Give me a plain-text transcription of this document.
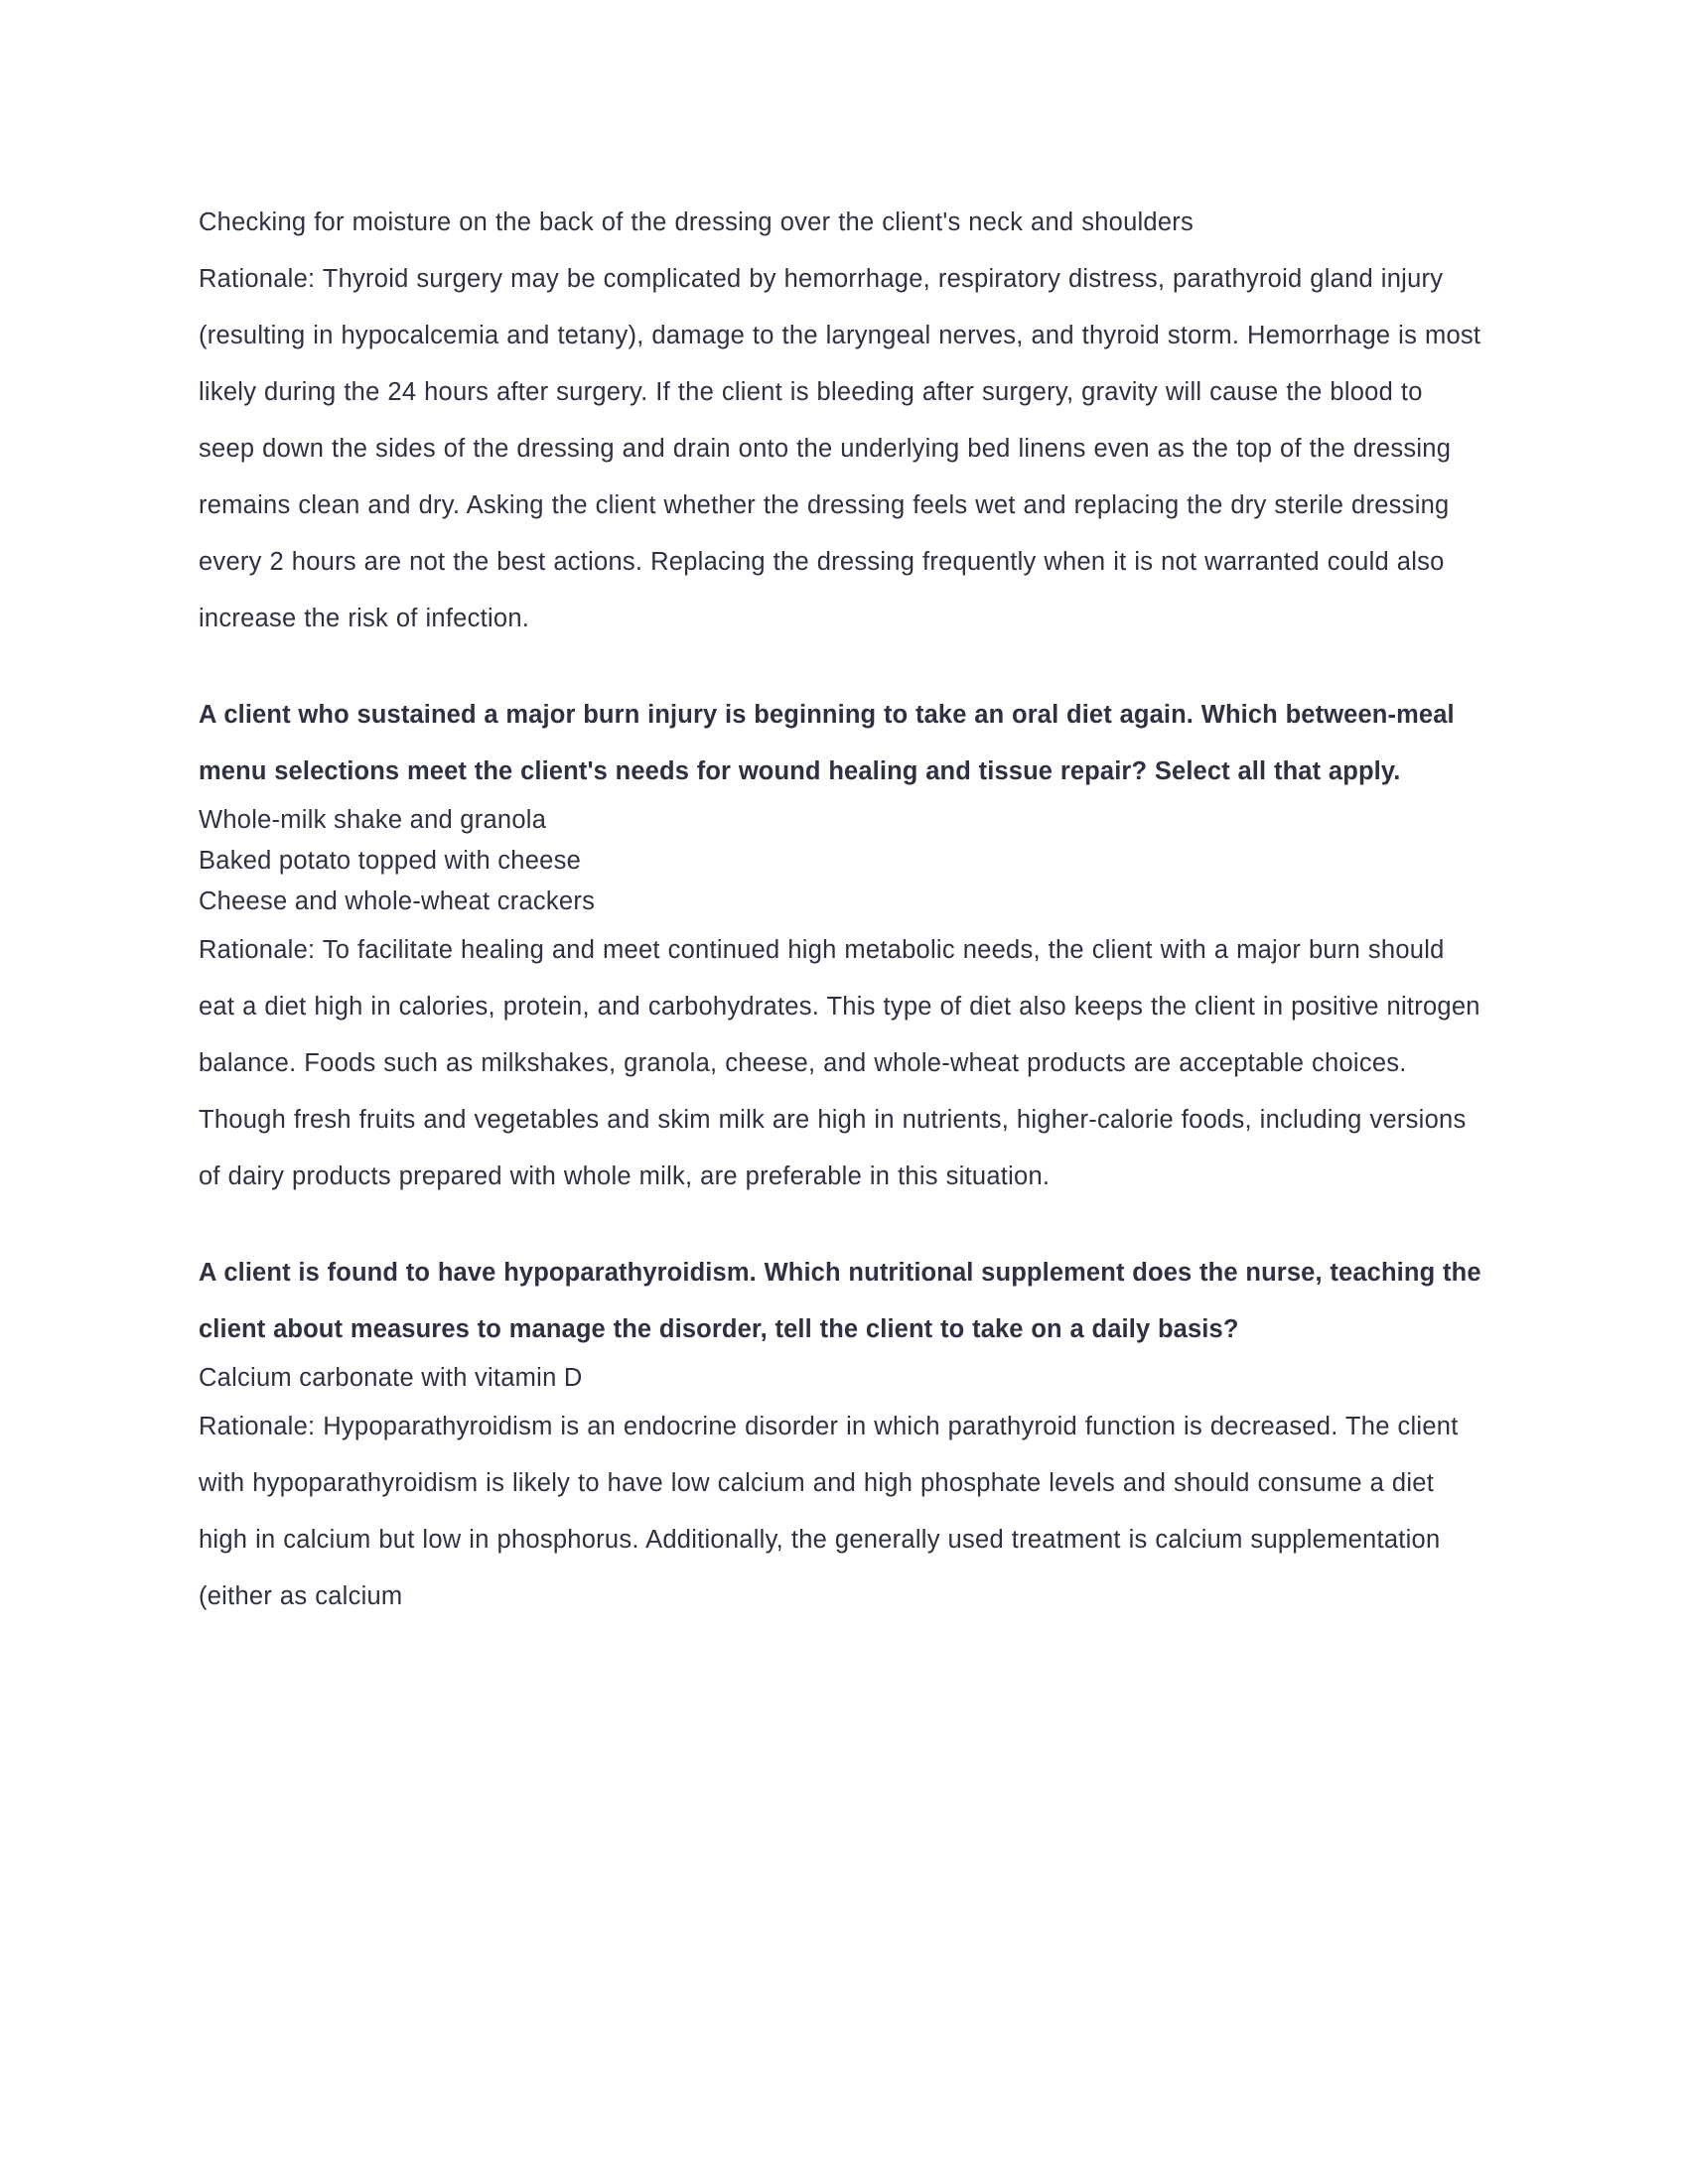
Checking for moisture on the back of the dressing over the client's neck and shoulders

Rationale: Thyroid surgery may be complicated by hemorrhage, respiratory distress, parathyroid gland injury (resulting in hypocalcemia and tetany), damage to the laryngeal nerves, and thyroid storm. Hemorrhage is most likely during the 24 hours after surgery. If the client is bleeding after surgery, gravity will cause the blood to seep down the sides of the dressing and drain onto the underlying bed linens even as the top of the dressing remains clean and dry. Asking the client whether the dressing feels wet and replacing the dry sterile dressing every 2 hours are not the best actions. Replacing the dressing frequently when it is not warranted could also increase the risk of infection.

A client who sustained a major burn injury is beginning to take an oral diet again. Which between-meal menu selections meet the client's needs for wound healing and tissue repair? Select all that apply.

Whole-milk shake and granola
Baked potato topped with cheese
Cheese and whole-wheat crackers

Rationale: To facilitate healing and meet continued high metabolic needs, the client with a major burn should eat a diet high in calories, protein, and carbohydrates. This type of diet also keeps the client in positive nitrogen balance. Foods such as milkshakes, granola, cheese, and whole-wheat products are acceptable choices. Though fresh fruits and vegetables and skim milk are high in nutrients, higher-calorie foods, including versions of dairy products prepared with whole milk, are preferable in this situation.

A client is found to have hypoparathyroidism. Which nutritional supplement does the nurse, teaching the client about measures to manage the disorder, tell the client to take on a daily basis?

Calcium carbonate with vitamin D

Rationale: Hypoparathyroidism is an endocrine disorder in which parathyroid function is decreased. The client with hypoparathyroidism is likely to have low calcium and high phosphate levels and should consume a diet high in calcium but low in phosphorus. Additionally, the generally used treatment is calcium supplementation (either as calcium
